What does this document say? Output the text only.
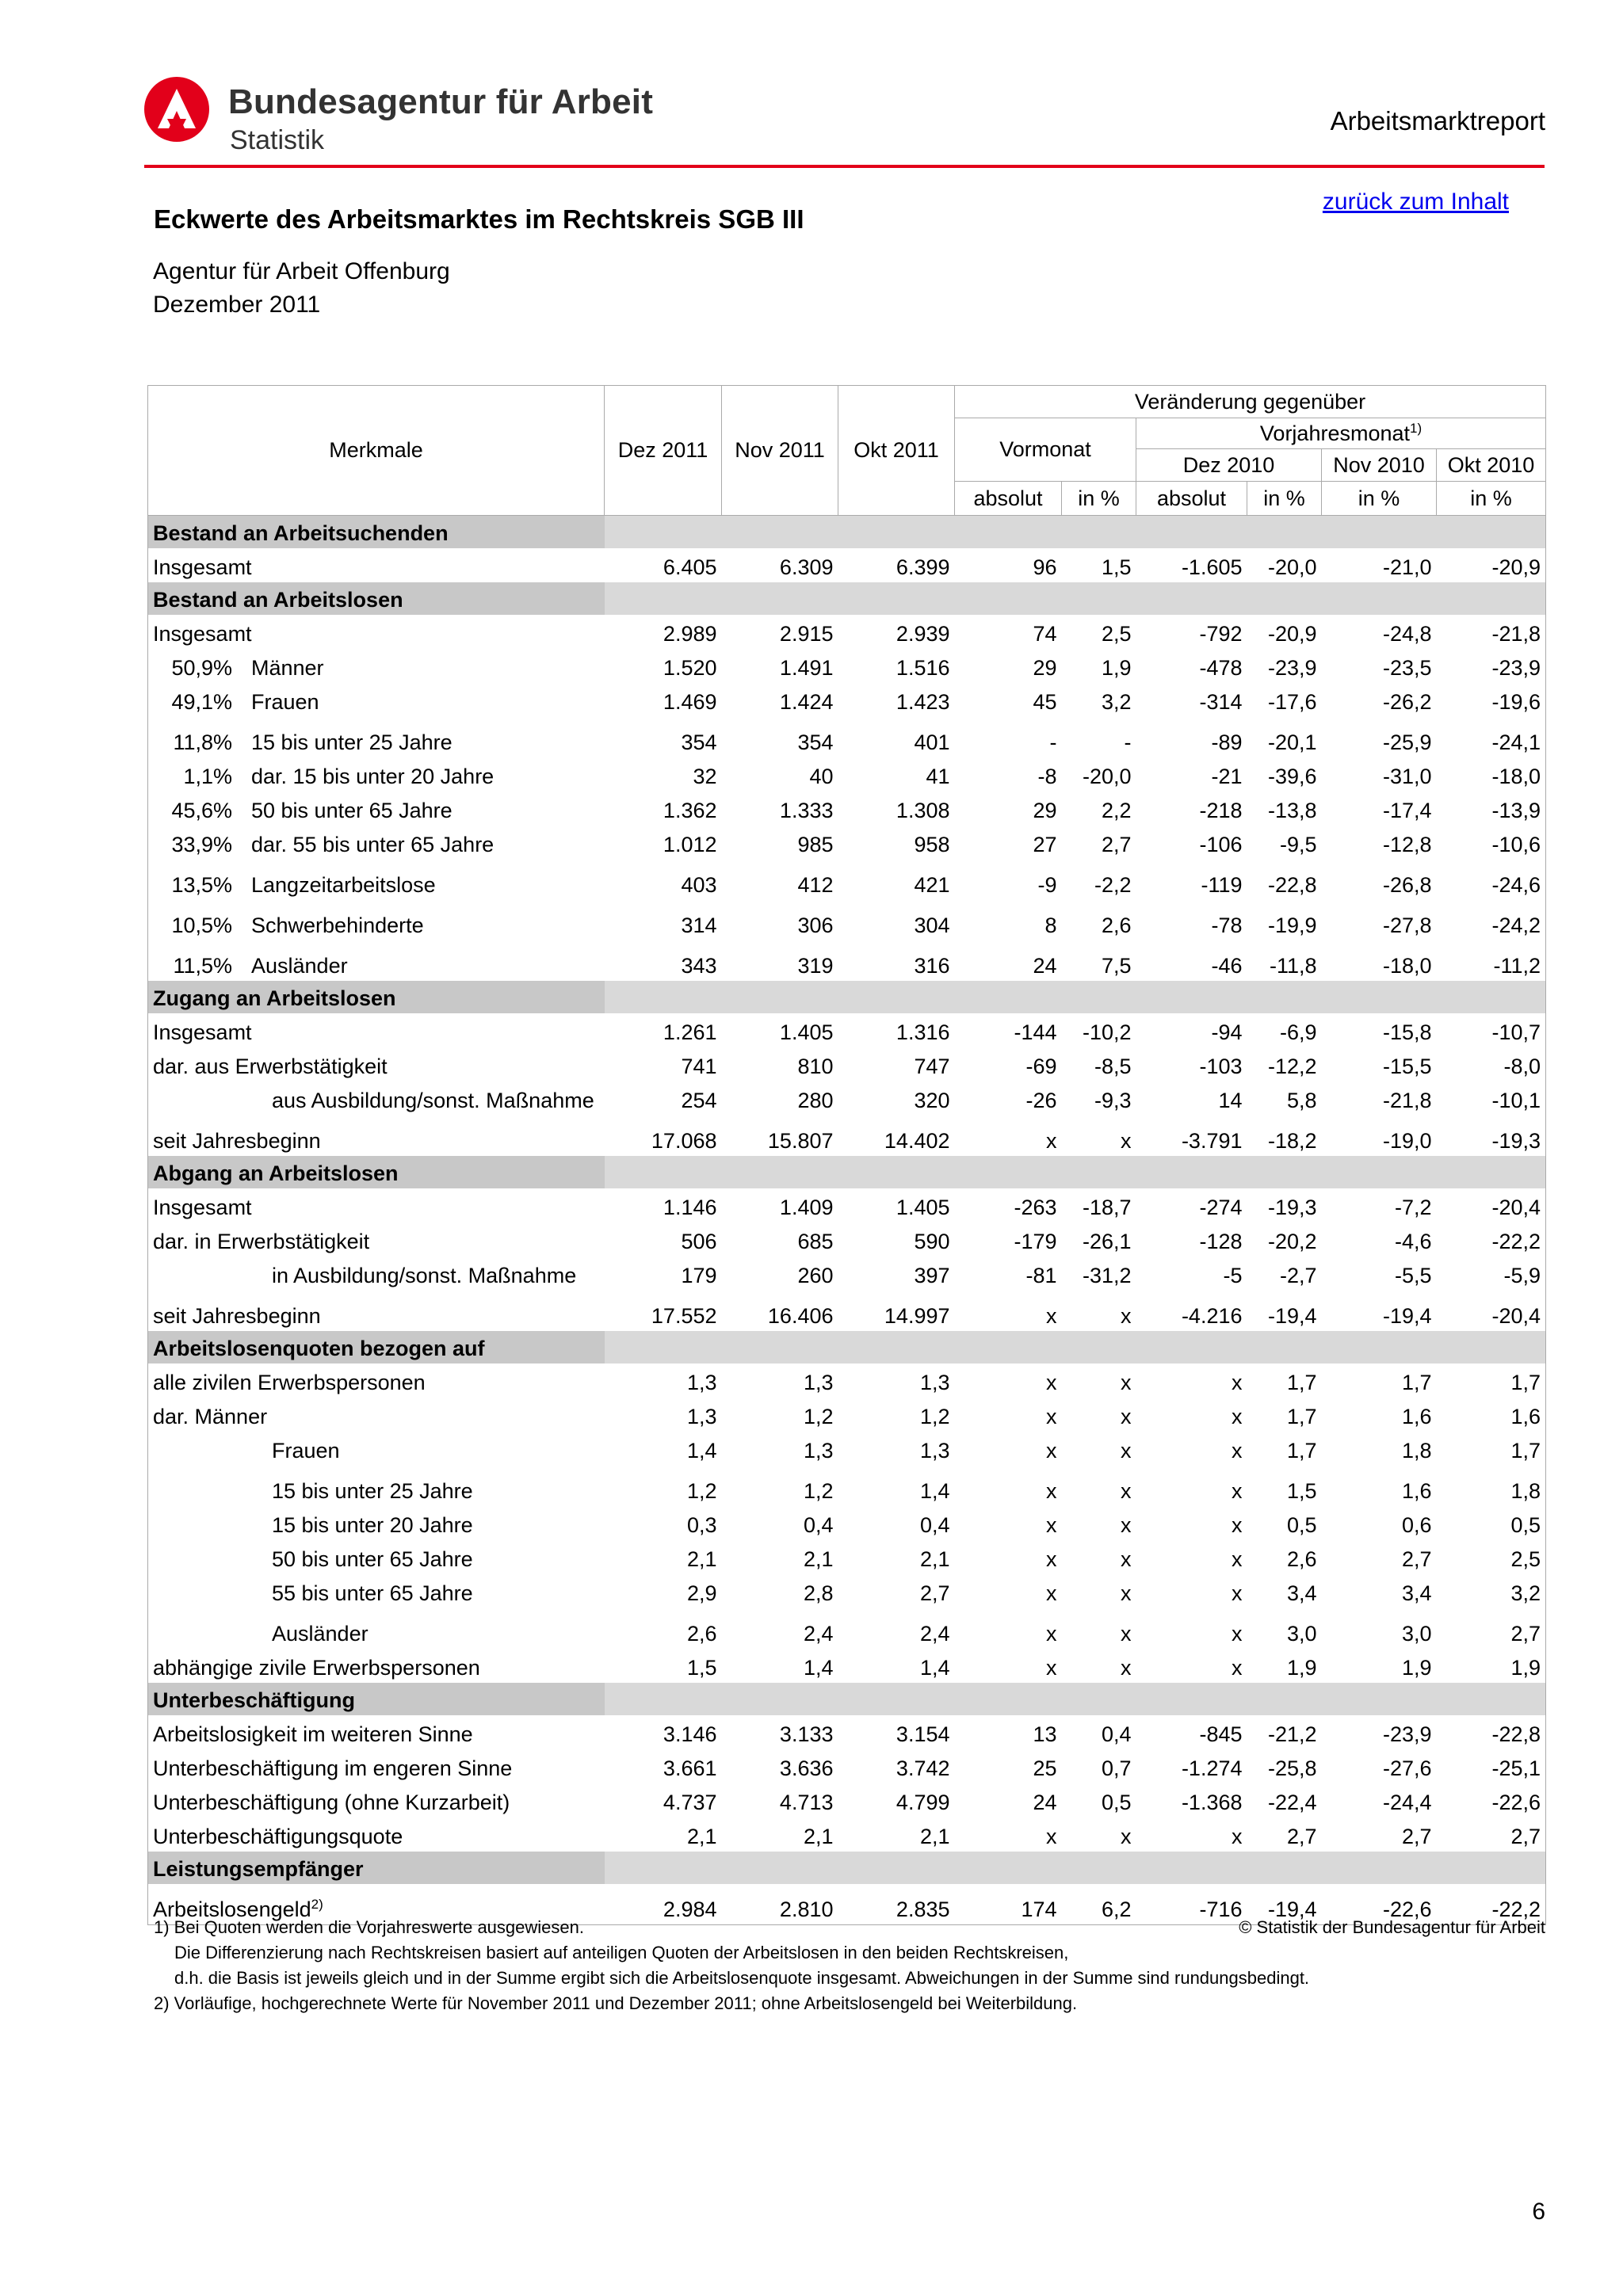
Bundesagentur für Arbeit
Statistik
Arbeitsmarktreport
zurück zum Inhalt
Eckwerte des Arbeitsmarktes im Rechtskreis SGB III
Agentur für Arbeit Offenburg
Dezember 2011
Merkmale	Dez 2011	Nov 2011	Okt 2011	Veränderung gegenüber					
				Vormonat		Vorjahresmonat$^{1)}$
						Dez 2010		Nov 2010	Okt 2010
				absolut	in %	absolut	in %	in %	in %
Bestand an Arbeitsuchenden									
Insgesamt	6.405	6.309	6.399	96	1,5	-1.605	-20,0	-21,0	-20,9
Bestand an Arbeitslosen									
Insgesamt	2.989	2.915	2.939	74	2,5	-792	-20,9	-24,8	-21,8
50,9% Männer	1.520	1.491	1.516	29	1,9	-478	-23,9	-23,5	-23,9
49,1% Frauen	1.469	1.424	1.423	45	3,2	-314	-17,6	-26,2	-19,6
11,8% 15 bis unter 25 Jahre	354	354	401	-	-	-89	-20,1	-25,9	-24,1
1,1% dar. 15 bis unter 20 Jahre	32	40	41	-8	-20,0	-21	-39,6	-31,0	-18,0
45,6% 50 bis unter 65 Jahre	1.362	1.333	1.308	29	2,2	-218	-13,8	-17,4	-13,9
33,9% dar. 55 bis unter 65 Jahre	1.012	985	958	27	2,7	-106	-9,5	-12,8	-10,6
13,5% Langzeitarbeitslose	403	412	421	-9	-2,2	-119	-22,8	-26,8	-24,6
10,5% Schwerbehinderte	314	306	304	8	2,6	-78	-19,9	-27,8	-24,2
11,5% Ausländer	343	319	316	24	7,5	-46	-11,8	-18,0	-11,2
Zugang an Arbeitslosen									
Insgesamt	1.261	1.405	1.316	-144	-10,2	-94	-6,9	-15,8	-10,7
dar. aus Erwerbstätigkeit	741	810	747	-69	-8,5	-103	-12,2	-15,5	-8,0
aus Ausbildung/sonst. Maßnahme	254	280	320	-26	-9,3	14	5,8	-21,8	-10,1
seit Jahresbeginn	17.068	15.807	14.402	x	x	-3.791	-18,2	-19,0	-19,3
Abgang an Arbeitslosen									
Insgesamt	1.146	1.409	1.405	-263	-18,7	-274	-19,3	-7,2	-20,4
dar. in Erwerbstätigkeit	506	685	590	-179	-26,1	-128	-20,2	-4,6	-22,2
in Ausbildung/sonst. Maßnahme	179	260	397	-81	-31,2	-5	-2,7	-5,5	-5,9
seit Jahresbeginn	17.552	16.406	14.997	x	x	-4.216	-19,4	-19,4	-20,4
Arbeitslosenquoten bezogen auf									
alle zivilen Erwerbspersonen	1,3	1,3	1,3	x	x	x	1,7	1,7	1,7
dar. Männer	1,3	1,2	1,2	x	x	x	1,7	1,6	1,6
Frauen	1,4	1,3	1,3	x	x	x	1,7	1,8	1,7
15 bis unter 25 Jahre	1,2	1,2	1,4	x	x	x	1,5	1,6	1,8
15 bis unter 20 Jahre	0,3	0,4	0,4	x	x	x	0,5	0,6	0,5
50 bis unter 65 Jahre	2,1	2,1	2,1	x	x	x	2,6	2,7	2,5
55 bis unter 65 Jahre	2,9	2,8	2,7	x	x	x	3,4	3,4	3,2
Ausländer	2,6	2,4	2,4	x	x	x	3,0	3,0	2,7
abhängige zivile Erwerbspersonen	1,5	1,4	1,4	x	x	x	1,9	1,9	1,9
Unterbeschäftigung									
Arbeitslosigkeit im weiteren Sinne	3.146	3.133	3.154	13	0,4	-845	-21,2	-23,9	-22,8
Unterbeschäftigung im engeren Sinne	3.661	3.636	3.742	25	0,7	-1.274	-25,8	-27,6	-25,1
Unterbeschäftigung (ohne Kurzarbeit)	4.737	4.713	4.799	24	0,5	-1.368	-22,4	-24,4	-22,6
Unterbeschäftigungsquote	2,1	2,1	2,1	x	x	x	2,7	2,7	2,7
Leistungsempfänger									
Arbeitslosengeld$^{2)}$	2.984	2.810	2.835	174	6,2	-716	-19,4	-22,6	-22,2
1) Bei Quoten werden die Vorjahreswerte ausgewiesen.
Die Differenzierung nach Rechtskreisen basiert auf anteiligen Quoten der Arbeitslosen in den beiden Rechtskreisen,
d.h. die Basis ist jeweils gleich und in der Summe ergibt sich die Arbeitslosenquote insgesamt. Abweichungen in der Summe sind rundungsbedingt.
2) Vorläufige, hochgerechnete Werte für November 2011 und Dezember 2011; ohne Arbeitslosengeld bei Weiterbildung.
© Statistik der Bundesagentur für Arbeit
6
